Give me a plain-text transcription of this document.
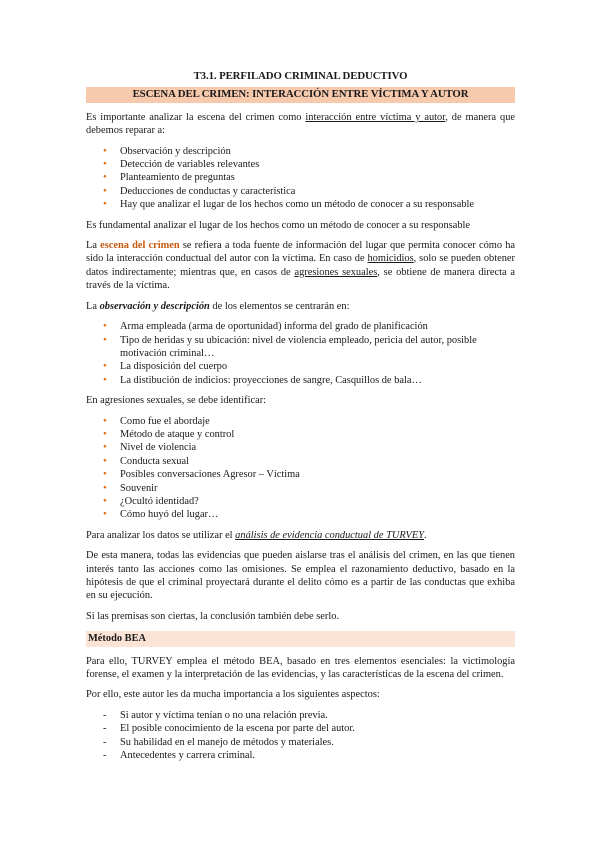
T3.1. PERFILADO CRIMINAL DEDUCTIVO
ESCENA DEL CRIMEN: INTERACCIÓN ENTRE VÍCTIMA Y AUTOR

Es importante analizar la escena del crimen como interacción entre víctima y autor, de manera que debemos reparar a:

• Observación y descripción
• Detección de variables relevantes
• Planteamiento de preguntas
• Deducciones de conductas y característica
• Hay que analizar el lugar de los hechos como un método de conocer a su responsable

Es fundamental analizar el lugar de los hechos como un método de conocer a su responsable

La escena del crimen se refiera a toda fuente de información del lugar que permita conocer cómo ha sido la interacción conductual del autor con la víctima. En caso de homicidios, solo se pueden obtener datos indirectamente; mientras que, en casos de agresiones sexuales, se obtiene de manera directa a través de la víctima.

La observación y descripción de los elementos se centrarán en:

• Arma empleada (arma de oportunidad) informa del grado de planificación
• Tipo de heridas y su ubicación: nivel de violencia empleado, pericia del autor, posible motivación criminal…
• La disposición del cuerpo
• La distibución de indicios: proyecciones de sangre, Casquillos de bala…

En agresiones sexuales, se debe identificar:

• Como fue el abordaje
• Método de ataque y control
• Nivel de violencia
• Conducta sexual
• Posibles conversaciones Agresor – Víctima
• Souvenir
• ¿Ocultó identidad?
• Cómo huyó del lugar…

Para analizar los datos se utilizar el análisis de evidencia conductual de TURVEY.

De esta manera, todas las evidencias que pueden aislarse tras el análisis del crimen, en las que tienen interés tanto las acciones como las omisiones. Se emplea el razonamiento deductivo, basado en la hipótesis de que el criminal proyectará durante el delito cómo es a partir de las conductas que exhiba en su ejecución.

Si las premisas son ciertas, la conclusión también debe serlo.

Método BEA

Para ello, TURVEY emplea el método BEA, basado en tres elementos esenciales: la victimología forense, el examen y la interpretación de las evidencias, y las características de la escena del crimen.

Por ello, este autor les da mucha importancia a los siguientes aspectos:

- Si autor y víctima tenían o no una relación previa.
- El posible conocimiento de la escena por parte del autor.
- Su habilidad en el manejo de métodos y materiales.
- Antecedentes y carrera criminal.
